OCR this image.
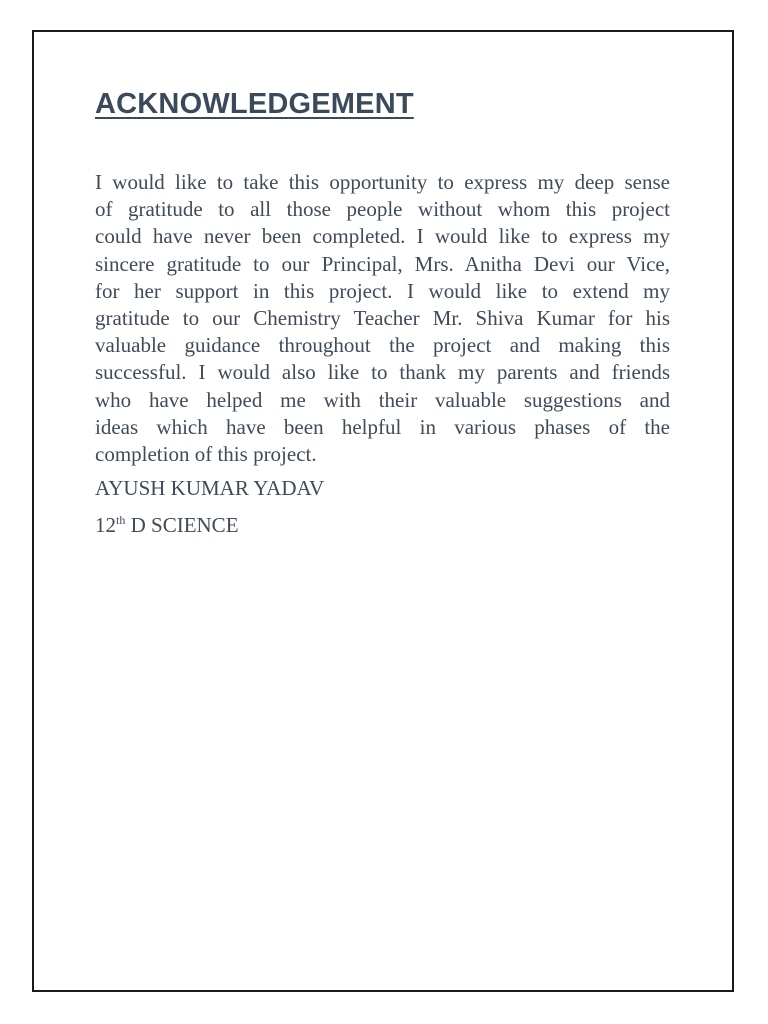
ACKNOWLEDGEMENT
I would like to take this opportunity to express my deep sense
of gratitude to all those people without whom this project
could have never been completed. I would like to express my
sincere gratitude to our Principal, Mrs. Anitha Devi our Vice,
for her support in this project. I would like to extend my
gratitude to our Chemistry Teacher Mr. Shiva Kumar for his
valuable guidance throughout the project and making this
successful. I would also like to thank my parents and friends
who have helped me with their valuable suggestions and
ideas which have been helpful in various phases of the
completion of this project.

AYUSH KUMAR YADAV

12th D SCIENCE
